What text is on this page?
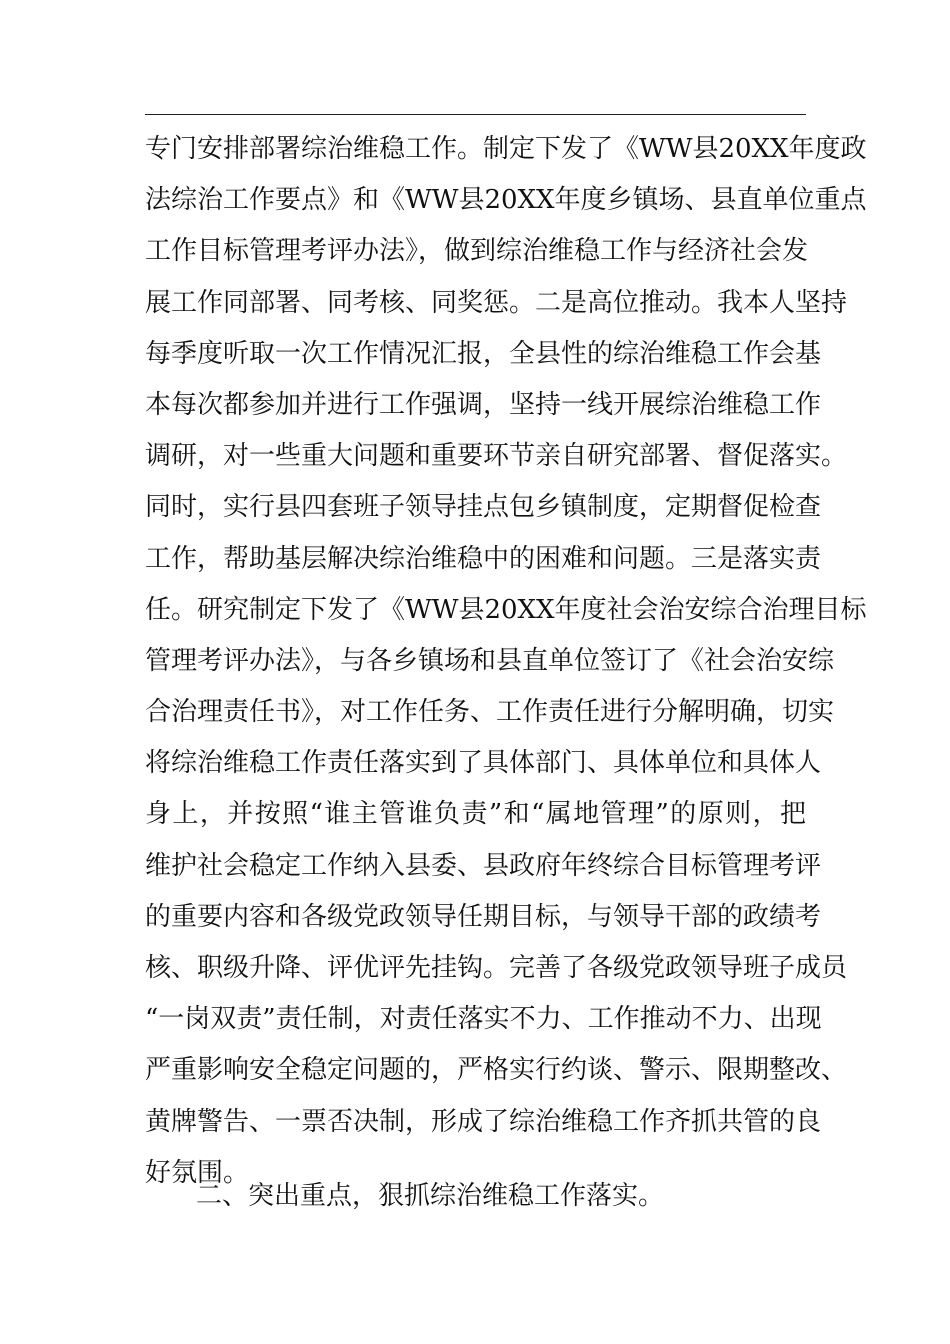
专门安排部署综治维稳工作。制定下发了《WW县20XX年度政
法综治工作要点》和《WW县20XX年度乡镇场、县直单位重点
工作目标管理考评办法》，做到综治维稳工作与经济社会发
展工作同部署、同考核、同奖惩。二是高位推动。我本人坚持
每季度听取一次工作情况汇报，全县性的综治维稳工作会基
本每次都参加并进行工作强调，坚持一线开展综治维稳工作
调研，对一些重大问题和重要环节亲自研究部署、督促落实。
同时，实行县四套班子领导挂点包乡镇制度，定期督促检查
工作，帮助基层解决综治维稳中的困难和问题。三是落实责
任。研究制定下发了《WW县20XX年度社会治安综合治理目标
管理考评办法》，与各乡镇场和县直单位签订了《社会治安综
合治理责任书》，对工作任务、工作责任进行分解明确，切实
将综治维稳工作责任落实到了具体部门、具体单位和具体人
身上，并按照“谁主管谁负责”和“属地管理”的原则，把
维护社会稳定工作纳入县委、县政府年终综合目标管理考评
的重要内容和各级党政领导任期目标，与领导干部的政绩考
核、职级升降、评优评先挂钩。完善了各级党政领导班子成员
“一岗双责”责任制，对责任落实不力、工作推动不力、出现
严重影响安全稳定问题的，严格实行约谈、警示、限期整改、
黄牌警告、一票否决制，形成了综治维稳工作齐抓共管的良
好氛围。
二、突出重点，狠抓综治维稳工作落实。
